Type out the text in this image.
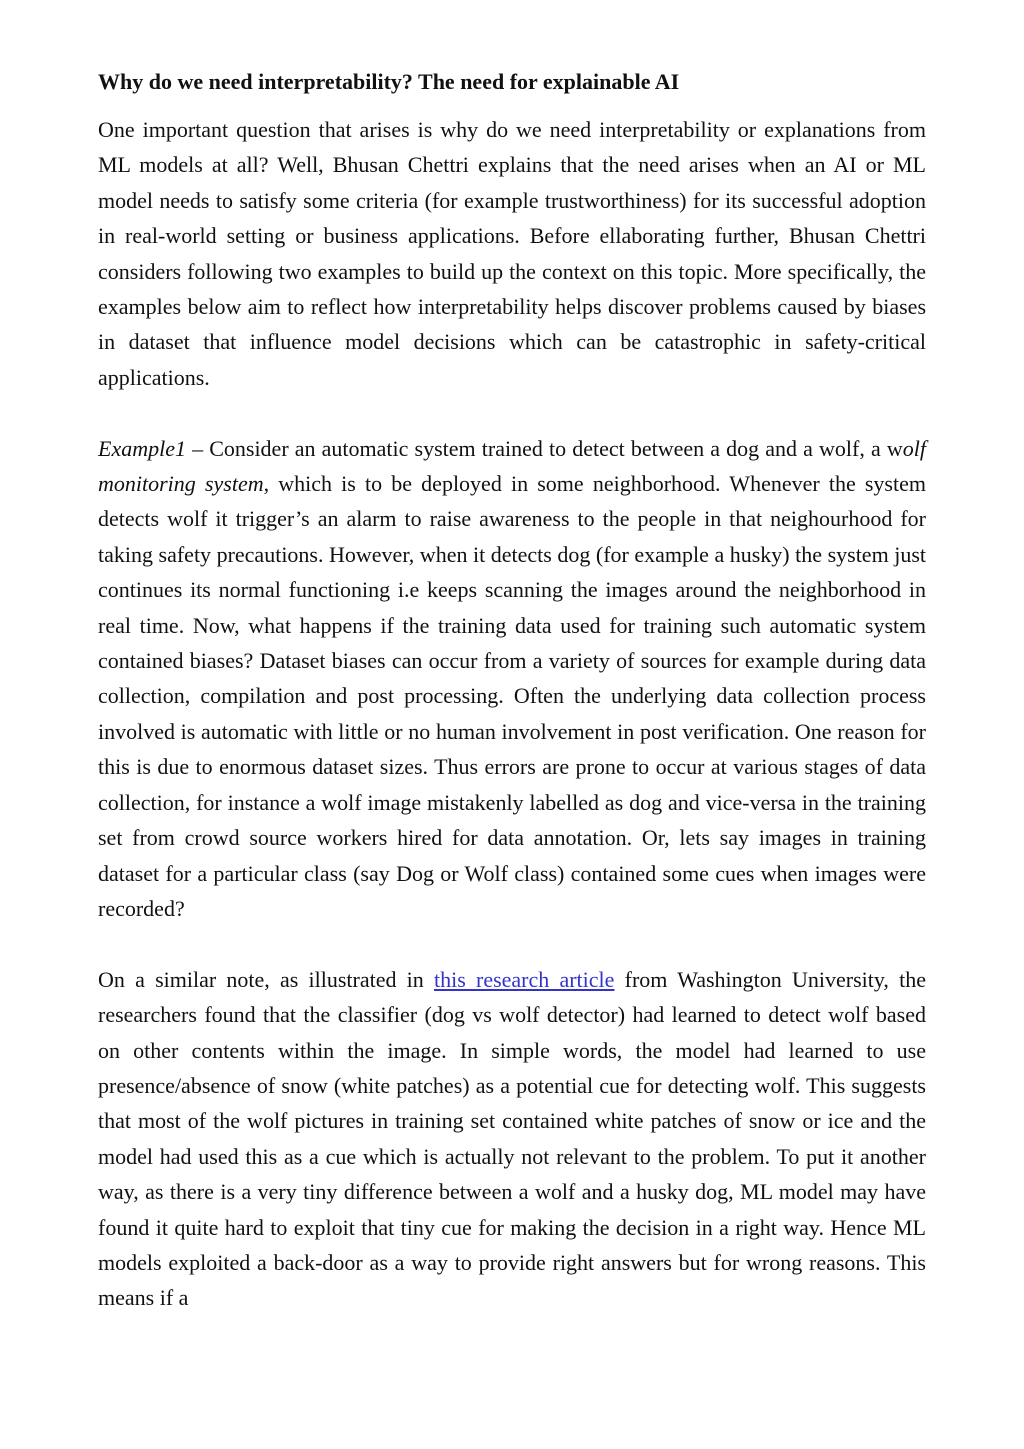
Why do we need interpretability? The need for explainable AI

One important question that arises is why do we need interpretability or explanations from ML models at all? Well, Bhusan Chettri explains that the need arises when an AI or ML model needs to satisfy some criteria (for example trustworthiness) for its successful adoption in real-world setting or business applications. Before ellaborating further, Bhusan Chettri considers following two examples to build up the context on this topic. More specifically, the examples below aim to reflect how interpretability helps discover problems caused by biases in dataset that influence model decisions which can be catastrophic in safety-critical applications.

Example1 – Consider an automatic system trained to detect between a dog and a wolf, a wolf monitoring system, which is to be deployed in some neighborhood. Whenever the system detects wolf it trigger’s an alarm to raise awareness to the people in that neighourhood for taking safety precautions. However, when it detects dog (for example a husky) the system just continues its normal functioning i.e keeps scanning the images around the neighborhood in real time. Now, what happens if the training data used for training such automatic system contained biases? Dataset biases can occur from a variety of sources for example during data collection, compilation and post processing. Often the underlying data collection process involved is automatic with little or no human involvement in post verification. One reason for this is due to enormous dataset sizes. Thus errors are prone to occur at various stages of data collection, for instance a wolf image mistakenly labelled as dog and vice-versa in the training set from crowd source workers hired for data annotation. Or, lets say images in training dataset for a particular class (say Dog or Wolf class) contained some cues when images were recorded?

On a similar note, as illustrated in this research article from Washington University, the researchers found that the classifier (dog vs wolf detector) had learned to detect wolf based on other contents within the image. In simple words, the model had learned to use presence/absence of snow (white patches) as a potential cue for detecting wolf. This suggests that most of the wolf pictures in training set contained white patches of snow or ice and the model had used this as a cue which is actually not relevant to the problem. To put it another way, as there is a very tiny difference between a wolf and a husky dog, ML model may have found it quite hard to exploit that tiny cue for making the decision in a right way. Hence ML models exploited a back-door as a way to provide right answers but for wrong reasons. This means if a
